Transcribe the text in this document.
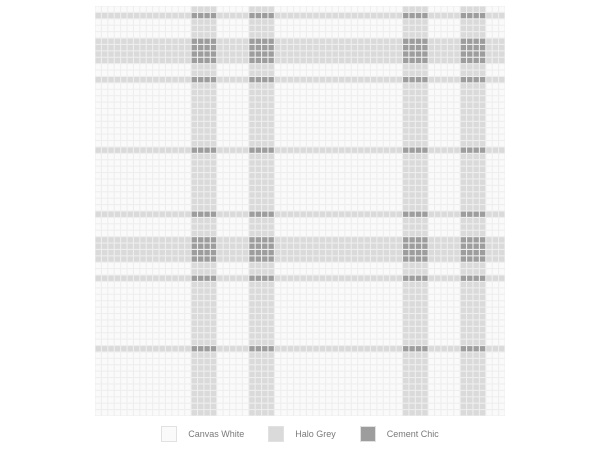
Canvas White	Halo Grey	Cement Chic
